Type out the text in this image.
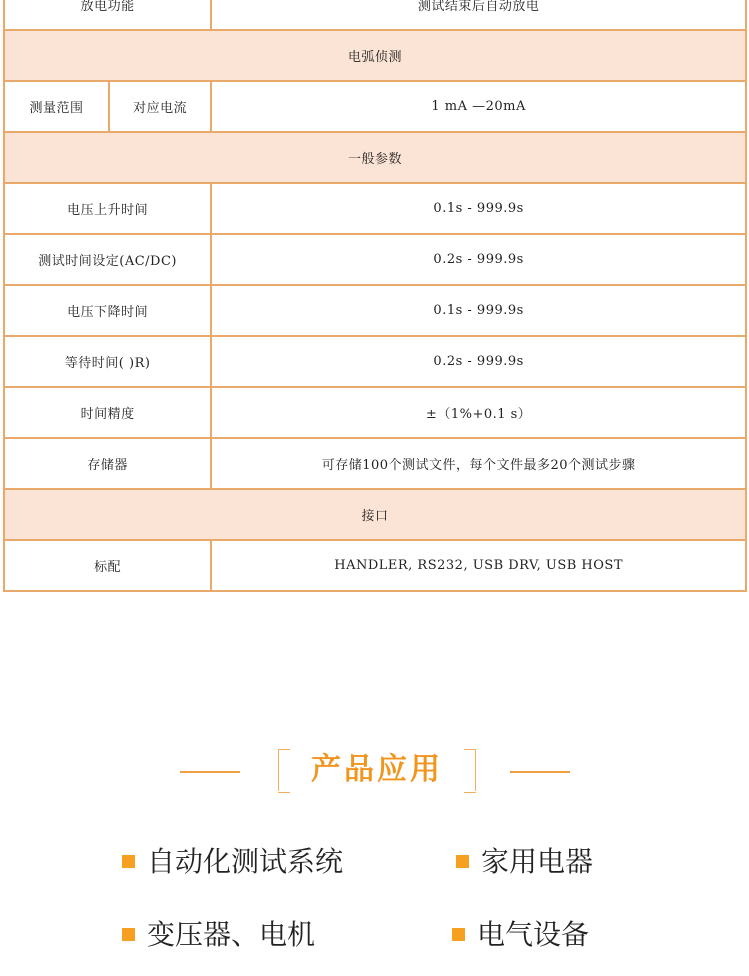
放电功能		测试结束后自动放电
电弧侦测		
测量范围	对应电流	1 mA —20mA
一般参数		
电压上升时间		0.1s - 999.9s
测试时间设定(AC/DC)		0.2s - 999.9s
电压下降时间		0.1s - 999.9s
等待时间( )R)		0.2s - 999.9s
时间精度		±（1%+0.1 s）
存储器		可存储100个测试文件，每个文件最多20个测试步骤
接口		
标配		HANDLER, RS232, USB DRV, USB HOST
产品应用
自动化测试系统	家用电器
变压器、电机	电气设备
